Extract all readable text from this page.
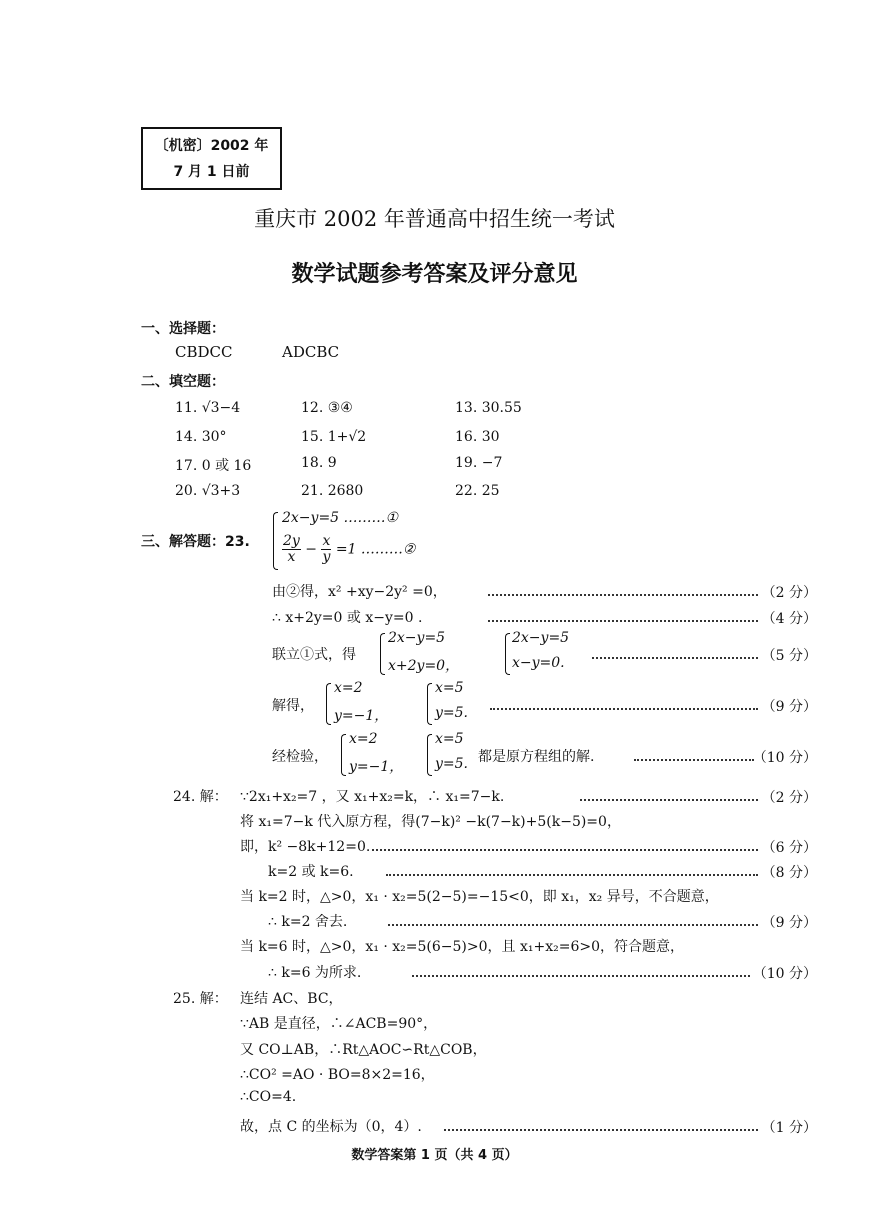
〔机密〕2002 年
7 月 1 日前
重庆市 2002 年普通高中招生统一考试
数学试题参考答案及评分意见
一、选择题：
CBDCC	ADCBC
二、填空题：
11. √3−4	12. ③④	13. 30.55
14. 30°	15. 1+√2	16. 30
17. 0 或 16	18. 9	19. −7
20. √3+3	21. 2680	22. 25
三、解答题：23.
2x−y=5 ………①
$\frac{2y}{x} - \frac{x}{y} =1$ ………②
由②得，x² +xy−2y² =0，	（2 分）
∴ x+2y=0 或 x−y=0 .	（4 分）
联立①式，得
2x−y=5
x+2y=0，
2x−y=5
x−y=0.	（5 分）
解得，
x=2
y=−1，
x=5
y=5.	（9 分）
经检验，
x=2
y=−1，
x=5
y=5. 都是原方程组的解.	（10 分）
24. 解： ∵2x₁+x₂=7 ，又 x₁+x₂=k，∴ x₁=7−k.	（2 分）
将 x₁=7−k 代入原方程，得(7−k)² −k(7−k)+5(k−5)=0，
即，k² −8k+12=0.	（6 分）
k=2 或 k=6.	（8 分）
当 k=2 时，△>0，x₁ · x₂=5(2−5)=−15<0，即 x₁，x₂ 异号，不合题意，
∴ k=2 舍去.	（9 分）
当 k=6 时，△>0，x₁ · x₂=5(6−5)>0，且 x₁+x₂=6>0，符合题意，
∴ k=6 为所求.	（10 分）
25. 解： 连结 AC、BC，
∵AB 是直径，∴∠ACB=90°，
又 CO⊥AB，∴Rt△AOC∽Rt△COB，
∴CO² =AO · BO=8×2=16，
∴CO=4.
故，点 C 的坐标为（0，4）.	（1 分）
数学答案第 1 页（共 4 页）
